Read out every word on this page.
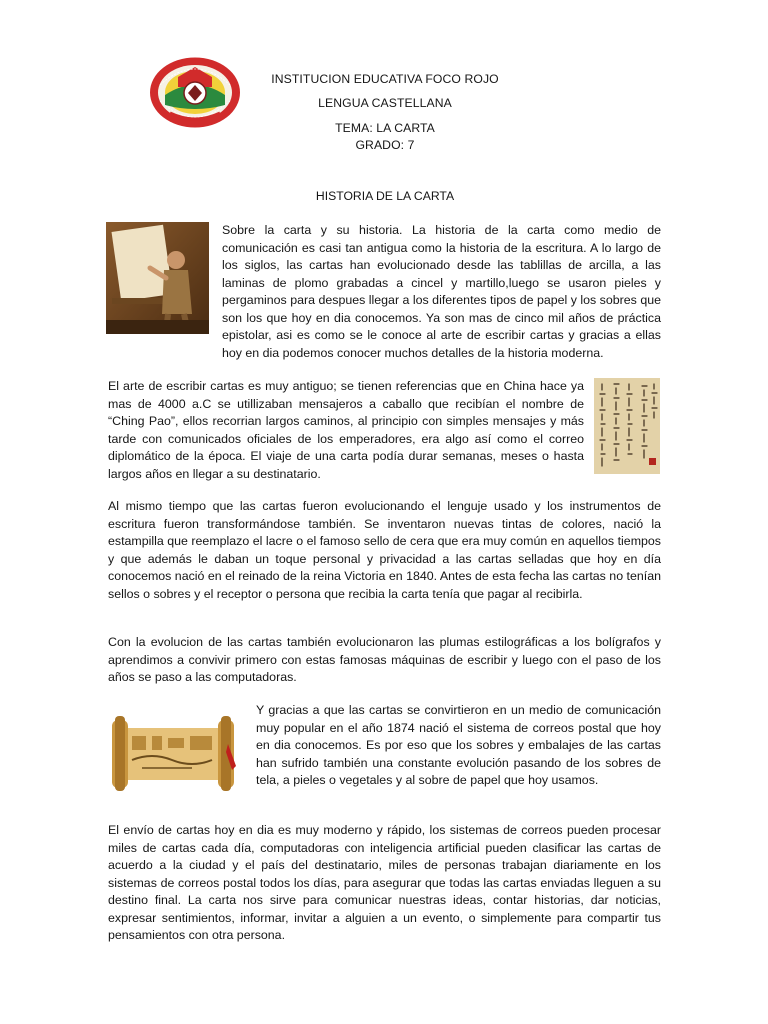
INSTITUCION EDUCATIVA FOCO ROJO
LENGUA CASTELLANA
TEMA: LA CARTA
GRADO: 7
HISTORIA DE LA CARTA

Sobre la carta y su historia. La historia de la carta como medio de comunicación es casi tan antigua como la historia de la escritura. A lo largo de los siglos, las cartas han evolucionado desde las tablillas de arcilla, a las laminas de plomo grabadas a cincel y martillo,luego se usaron pieles y pergaminos para despues llegar a los diferentes tipos de papel y los sobres que son los que hoy en dia conocemos. Ya son mas de cinco mil años de práctica epistolar, asi es como se le conoce al arte de escribir cartas y gracias a ellas hoy en dia podemos conocer muchos detalles de la historia moderna.

El arte de escribir cartas es muy antiguo; se tienen referencias que en China hace ya mas de 4000 a.C se utillizaban mensajeros a caballo que recibían el nombre de “Ching Pao”, ellos recorrian largos caminos, al principio con simples mensajes y más tarde con comunicados oficiales de los emperadores, era algo así como el correo diplomático de la época. El viaje de una carta podía durar semanas, meses o hasta largos años en llegar a su destinatario.

Al mismo tiempo que las cartas fueron evolucionando el lenguje usado y los instrumentos de escritura fueron transformándose también. Se inventaron nuevas tintas de colores, nació la estampilla que reemplazo el lacre o el famoso sello de cera que era muy común en aquellos tiempos y que además le daban un toque personal y privacidad a las cartas selladas que hoy en día conocemos nació en el reinado de la reina Victoria en 1840. Antes de esta fecha las cartas no tenían sellos o sobres y el receptor o persona que recibia la carta tenía que pagar al recibirla.

Con la evolucion de las cartas también evolucionaron las plumas estilográficas a los bolígrafos y aprendimos a convivir primero con estas famosas máquinas de escribir y luego con el paso de los años se paso a las computadoras.

Y gracias a que las cartas se convirtieron en un medio de comunicación muy popular en el año 1874 nació el sistema de correos postal que hoy en dia conocemos. Es por eso que los sobres y embalajes de las cartas han sufrido también una constante evolución pasando de los sobres de tela, a pieles o vegetales y al sobre de papel que hoy usamos.

El envío de cartas hoy en dia es muy moderno y rápido, los sistemas de correos pueden procesar miles de cartas cada día, computadoras con inteligencia artificial pueden clasificar las cartas de acuerdo a la ciudad y el país del destinatario, miles de personas trabajan diariamente en los sistemas de correos postal todos los días, para asegurar que todas las cartas enviadas lleguen a su destino final. La carta nos sirve para comunicar nuestras ideas, contar historias, dar noticias, expresar sentimientos, informar, invitar a alguien a un evento, o simplemente para compartir tus pensamientos con otra persona.
